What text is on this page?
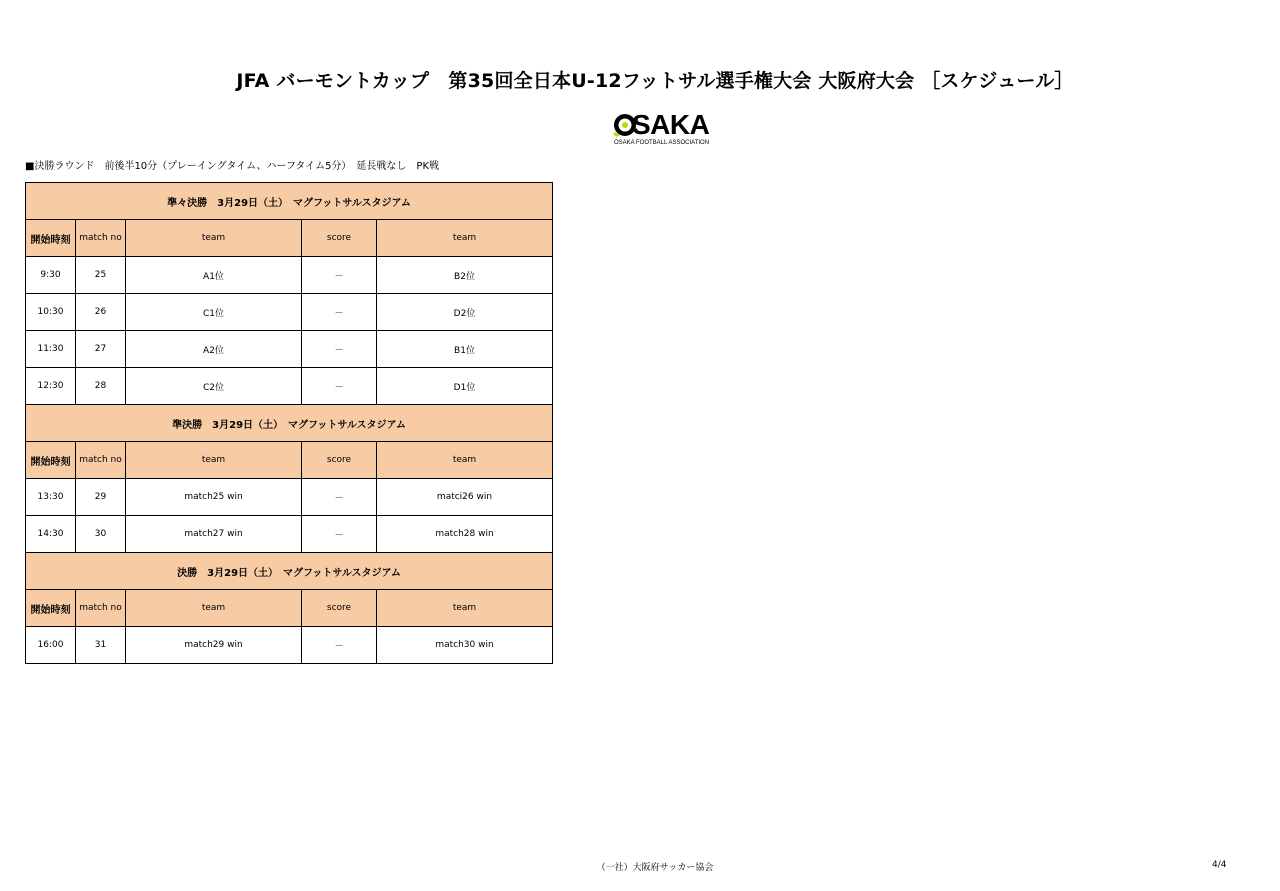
JFA バーモントカップ　第35回全日本U-12フットサル選手権大会 大阪府大会 ［スケジュール］
SAKA
OSAKA FOOTBALL ASSOCIATION
■決勝ラウンド　前後半10分（プレーイングタイム、ハーフタイム5分）　延長戦なし　PK戦
準々決勝　3月29日（土）　マグフットサルスタジアム				
開始時刻	match no	team	score	team
9:30	25	A1位	－	B2位
10:30	26	C1位	－	D2位
11:30	27	A2位	－	B1位
12:30	28	C2位	－	D1位
準決勝　3月29日（土）　マグフットサルスタジアム				
開始時刻	match no	team	score	team
13:30	29	match25 win	－	matci26 win
14:30	30	match27 win	－	match28 win
決勝　3月29日（土）　マグフットサルスタジアム				
開始時刻	match no	team	score	team
16:00	31	match29 win	－	match30 win
（一社）大阪府サッカー協会	4/4
